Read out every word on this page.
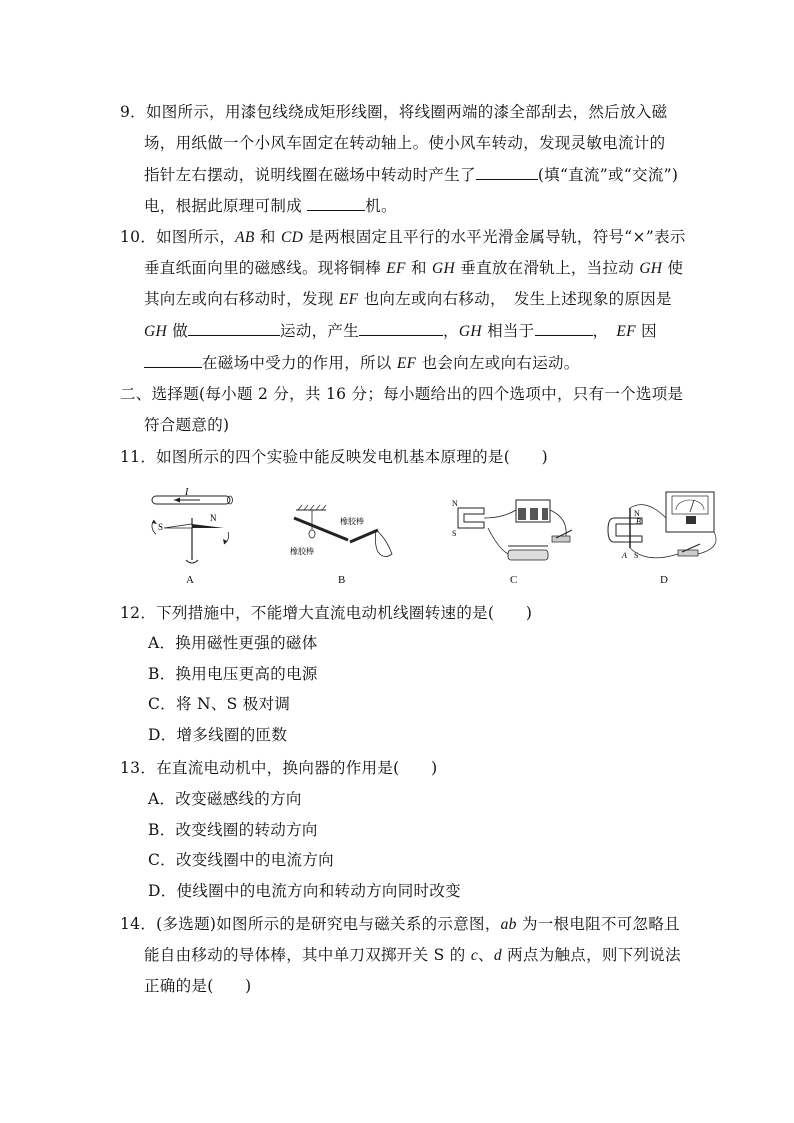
9．如图所示，用漆包线绕成矩形线圈，将线圈两端的漆全部刮去，然后放入磁
场，用纸做一个小风车固定在转动轴上。使小风车转动，发现灵敏电流计的
指针左右摆动，说明线圈在磁场中转动时产生了	(填“直流”或“交流”)
电，根据此原理可制成	机。
10．如图所示，AB 和 CD 是两根固定且平行的水平光滑金属导轨，符号“×”表示
垂直纸面向里的磁感线。现将铜棒 EF 和 GH 垂直放在滑轨上，当拉动 GH 使
其向左或向右移动时，发现 EF 也向左或向右移动，　发生上述现象的原因是
GH 做	运动，产生	，GH 相当于	，　EF 因
在磁场中受力的作用，所以 EF 也会向左或向右运动。
二、选择题(每小题 2 分，共 16 分；每小题给出的四个选项中，只有一个选项是
符合题意的)
11．如图所示的四个实验中能反映发电机基本原理的是(　　)
I
S
N
A
橡胶棒
橡胶棒
B
N
S
C
N
B
A S
D
12．下列措施中，不能增大直流电动机线圈转速的是(　　)
A．换用磁性更强的磁体
B．换用电压更高的电源
C．将 N、S 极对调
D．增多线圈的匝数
13．在直流电动机中，换向器的作用是(　　)
A．改变磁感线的方向
B．改变线圈的转动方向
C．改变线圈中的电流方向
D．使线圈中的电流方向和转动方向同时改变
14．(多选题)如图所示的是研究电与磁关系的示意图，ab 为一根电阻不可忽略且
能自由移动的导体棒，其中单刀双掷开关 S 的 c、d 两点为触点，则下列说法
正确的是(　　)
